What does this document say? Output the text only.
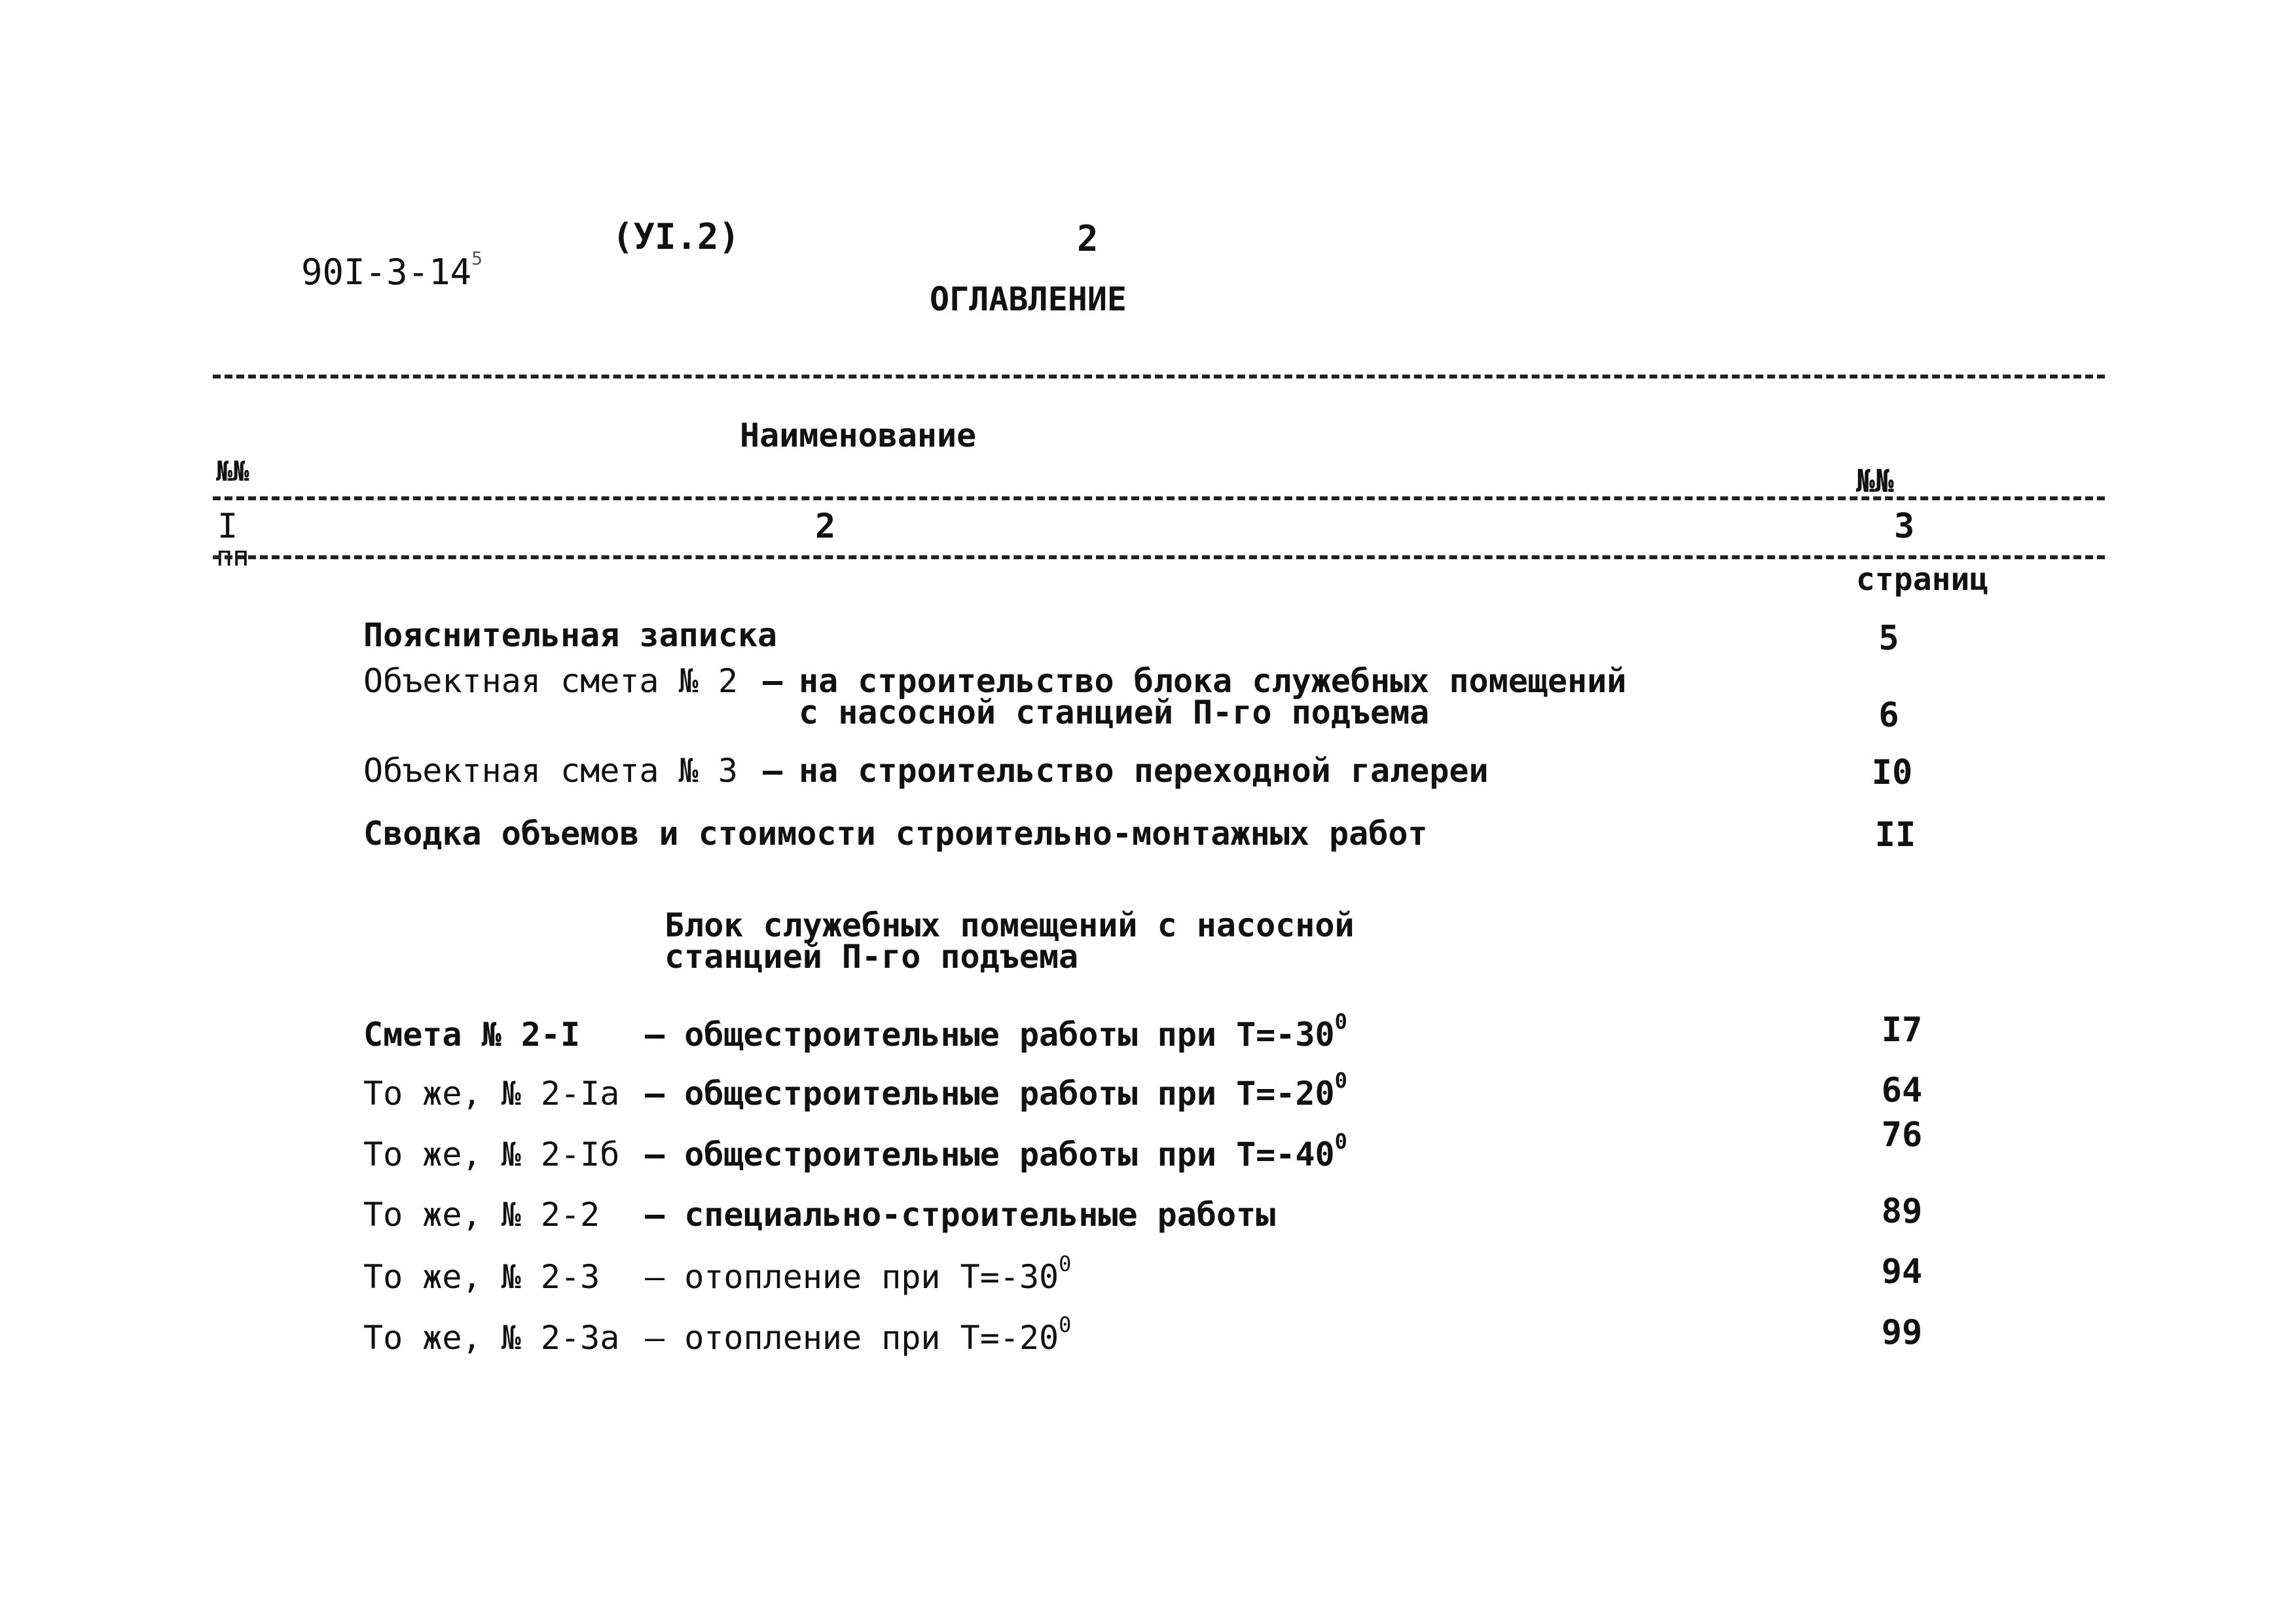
$90I-3-14^5$

(УI.2)	2
ОГЛАВЛЕНИЕ

№№

пп

Наименование

№№

страниц

I	2	3
Пояснительная записка	5
Объектная смета № 2 – на строительство блока служебных помещений
с насосной станцией П-го подъема	6
Объектная смета № 3 – на строительство переходной галереи	I0
Сводка объемов и стоимости строительно-монтажных работ	II
Блок служебных помещений с насосной
станцией П-го подъема
Смета № 2-I – общестроительные работы при $Т=-30^0$	I7
То же, № 2-Iа – общестроительные работы при $Т=-20^0$	64
То же, № 2-Iб – общестроительные работы при $Т=-40^0$	76
То же, № 2-2 – специально-строительные работы	89
То же, № 2-3 – отопление при $Т=-30^0$	94
То же, № 2-3а – отопление при $Т=-20^0$	99
